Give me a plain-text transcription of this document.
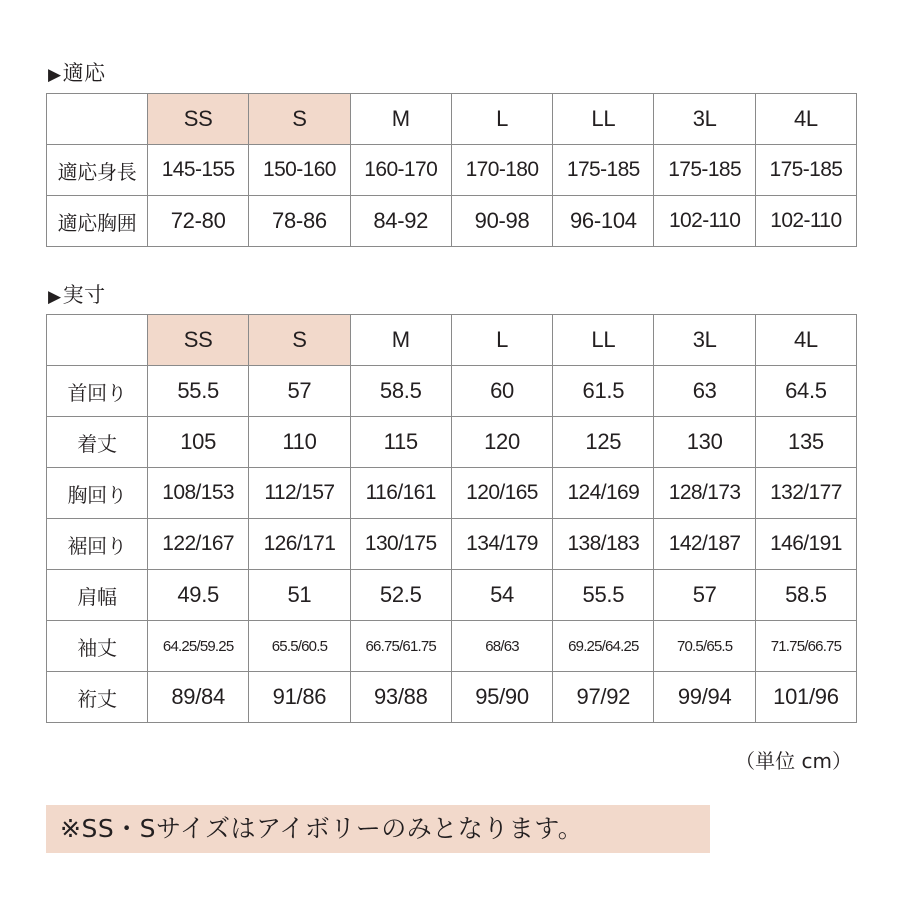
▶適応
	SS	S	M	L	LL	3L	4L
適応身長	145-155	150-160	160-170	170-180	175-185	175-185	175-185
適応胸囲	72-80	78-86	84-92	90-98	96-104	102-110	102-110
▶実寸
	SS	S	M	L	LL	3L	4L
首回り	55.5	57	58.5	60	61.5	63	64.5
着丈	105	110	115	120	125	130	135
胸回り	108/153	112/157	116/161	120/165	124/169	128/173	132/177
裾回り	122/167	126/171	130/175	134/179	138/183	142/187	146/191
肩幅	49.5	51	52.5	54	55.5	57	58.5
袖丈	64.25/59.25	65.5/60.5	66.75/61.75	68/63	69.25/64.25	70.5/65.5	71.75/66.75
裄丈	89/84	91/86	93/88	95/90	97/92	99/94	101/96
（単位 cm）
※SS・Sサイズはアイボリーのみとなります。
